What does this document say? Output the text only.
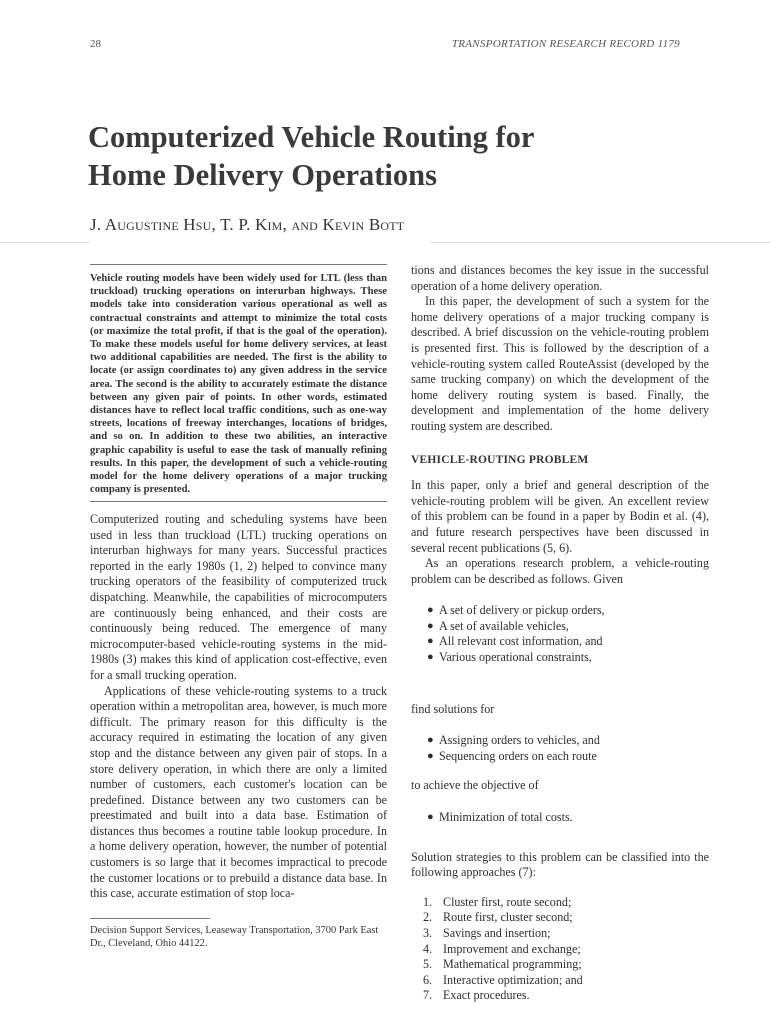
28	TRANSPORTATION RESEARCH RECORD 1179
Computerized Vehicle Routing for
Home Delivery Operations
J. Augustine Hsu, T. P. Kim, and Kevin Bott
Vehicle routing models have been widely used for LTL (less than truckload) trucking operations on interurban highways. These models take into consideration various operational as well as contractual constraints and attempt to minimize the total costs (or maximize the total profit, if that is the goal of the operation). To make these models useful for home delivery services, at least two additional capabilities are needed. The first is the ability to locate (or assign coordinates to) any given address in the service area. The second is the ability to accurately estimate the distance between any given pair of points. In other words, estimated distances have to reflect local traffic conditions, such as one-way streets, locations of freeway interchanges, locations of bridges, and so on. In addition to these two abilities, an interactive graphic capability is useful to ease the task of manually refining results. In this paper, the development of such a vehicle-routing model for the home delivery operations of a major trucking company is presented.

Computerized routing and scheduling systems have been used in less than truckload (LTL) trucking operations on interurban highways for many years. Successful practices reported in the early 1980s (1, 2) helped to convince many trucking operators of the feasibility of computerized truck dispatching. Meanwhile, the capabilities of microcomputers are continuously being enhanced, and their costs are continuously being reduced. The emergence of many microcomputer-based vehicle-routing systems in the mid-1980s (3) makes this kind of application cost-effective, even for a small trucking operation.

Applications of these vehicle-routing systems to a truck operation within a metropolitan area, however, is much more difficult. The primary reason for this difficulty is the accuracy required in estimating the location of any given stop and the distance between any given pair of stops. In a store delivery operation, in which there are only a limited number of customers, each customer's location can be predefined. Distance between any two customers can be preestimated and built into a data base. Estimation of distances thus becomes a routine table lookup procedure. In a home delivery operation, however, the number of potential customers is so large that it becomes impractical to precode the customer locations or to prebuild a distance data base. In this case, accurate estimation of stop loca-

tions and distances becomes the key issue in the successful operation of a home delivery operation.

In this paper, the development of such a system for the home delivery operations of a major trucking company is described. A brief discussion on the vehicle-routing problem is presented first. This is followed by the description of a vehicle-routing system called RouteAssist (developed by the same trucking company) on which the development of the home delivery routing system is based. Finally, the development and implementation of the home delivery routing system are described.

VEHICLE-ROUTING PROBLEM

In this paper, only a brief and general description of the vehicle-routing problem will be given. An excellent review of this problem can be found in a paper by Bodin et al. (4), and future research perspectives have been discussed in several recent publications (5, 6).

As an operations research problem, a vehicle-routing problem can be described as follows. Given

● A set of delivery or pickup orders,
● A set of available vehicles,
● All relevant cost information, and
● Various operational constraints,

find solutions for

● Assigning orders to vehicles, and
● Sequencing orders on each route

to achieve the objective of

● Minimization of total costs.

Solution strategies to this problem can be classified into the following approaches (7):

1. Cluster first, route second;
2. Route first, cluster second;
3. Savings and insertion;
4. Improvement and exchange;
5. Mathematical programming;
6. Interactive optimization; and
7. Exact procedures.
Decision Support Services, Leaseway Transportation, 3700 Park East Dr., Cleveland, Ohio 44122.
